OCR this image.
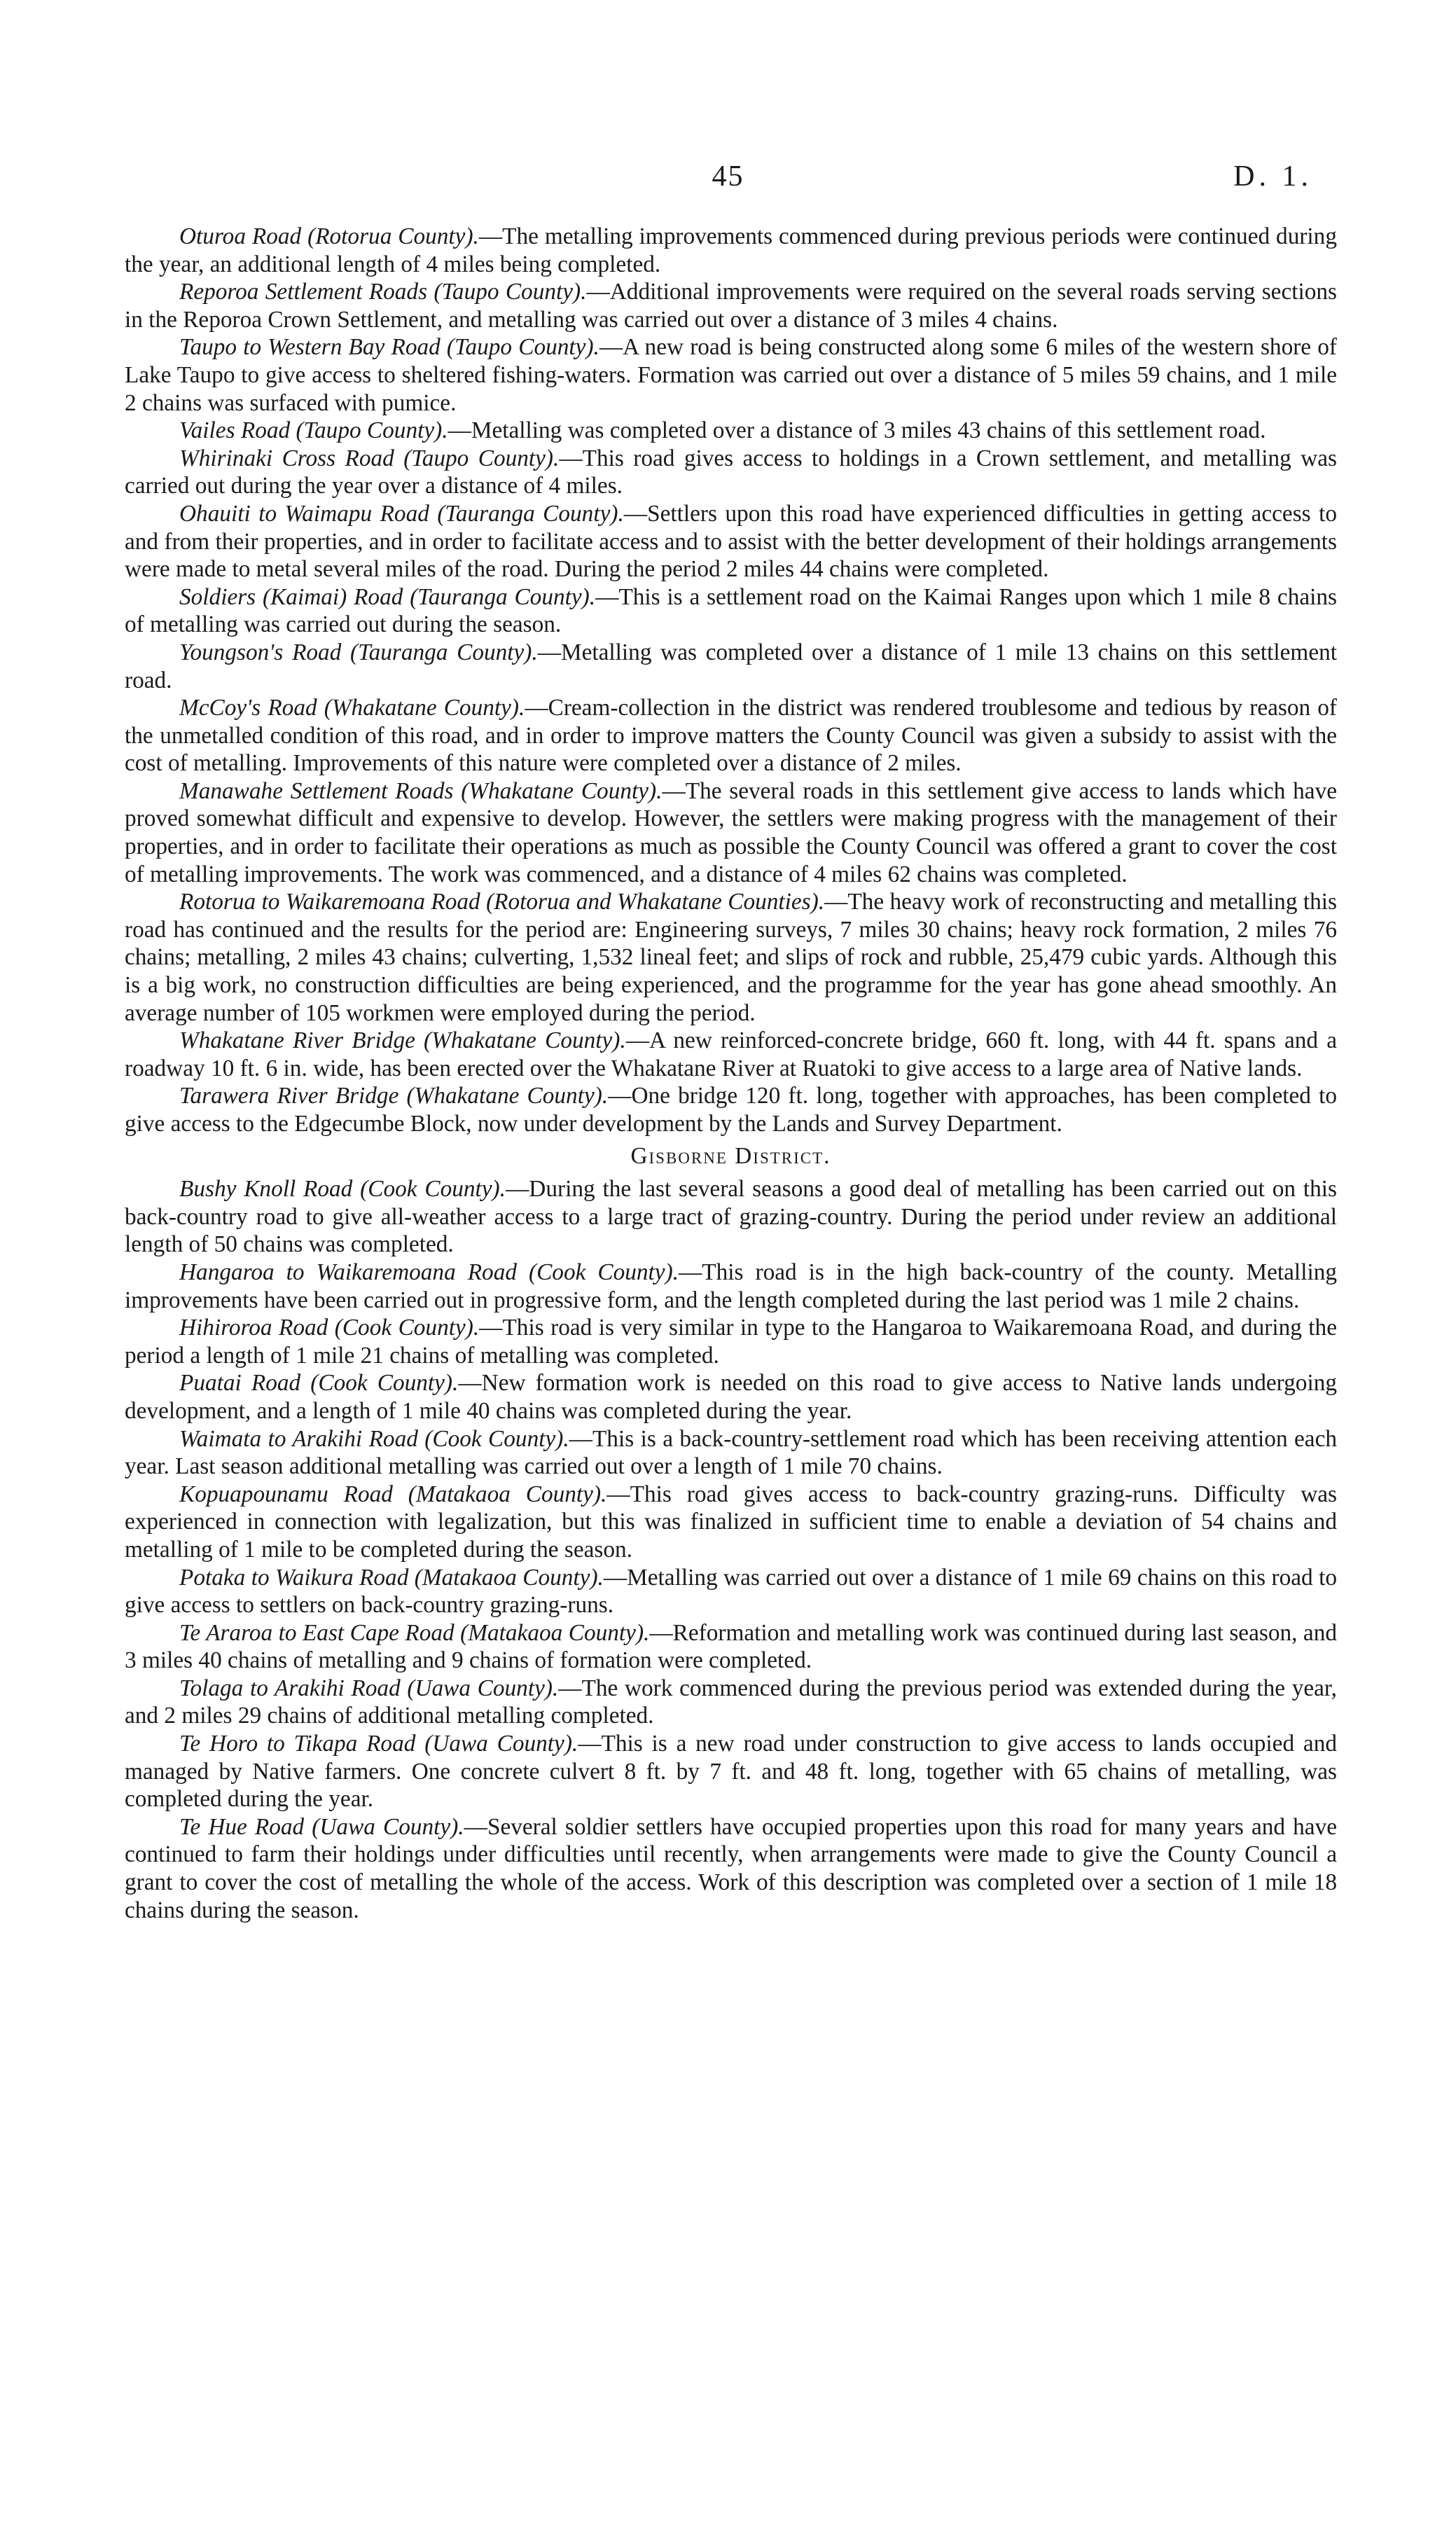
45	D. 1.

Oturoa Road (Rotorua County).—The metalling improvements commenced during previous periods were continued during the year, an additional length of 4 miles being completed.

Reporoa Settlement Roads (Taupo County).—Additional improvements were required on the several roads serving sections in the Reporoa Crown Settlement, and metalling was carried out over a distance of 3 miles 4 chains.

Taupo to Western Bay Road (Taupo County).—A new road is being constructed along some 6 miles of the western shore of Lake Taupo to give access to sheltered fishing-waters. Formation was carried out over a distance of 5 miles 59 chains, and 1 mile 2 chains was surfaced with pumice.

Vailes Road (Taupo County).—Metalling was completed over a distance of 3 miles 43 chains of this settlement road.

Whirinaki Cross Road (Taupo County).—This road gives access to holdings in a Crown settlement, and metalling was carried out during the year over a distance of 4 miles.

Ohauiti to Waimapu Road (Tauranga County).—Settlers upon this road have experienced difficulties in getting access to and from their properties, and in order to facilitate access and to assist with the better development of their holdings arrangements were made to metal several miles of the road. During the period 2 miles 44 chains were completed.

Soldiers (Kaimai) Road (Tauranga County).—This is a settlement road on the Kaimai Ranges upon which 1 mile 8 chains of metalling was carried out during the season.

Youngson's Road (Tauranga County).—Metalling was completed over a distance of 1 mile 13 chains on this settlement road.

McCoy's Road (Whakatane County).—Cream-collection in the district was rendered troublesome and tedious by reason of the unmetalled condition of this road, and in order to improve matters the County Council was given a subsidy to assist with the cost of metalling. Improvements of this nature were completed over a distance of 2 miles.

Manawahe Settlement Roads (Whakatane County).—The several roads in this settlement give access to lands which have proved somewhat difficult and expensive to develop. However, the settlers were making progress with the management of their properties, and in order to facilitate their operations as much as possible the County Council was offered a grant to cover the cost of metalling improvements. The work was commenced, and a distance of 4 miles 62 chains was completed.

Rotorua to Waikaremoana Road (Rotorua and Whakatane Counties).—The heavy work of reconstructing and metalling this road has continued and the results for the period are: Engineering surveys, 7 miles 30 chains; heavy rock formation, 2 miles 76 chains; metalling, 2 miles 43 chains; culverting, 1,532 lineal feet; and slips of rock and rubble, 25,479 cubic yards. Although this is a big work, no construction difficulties are being experienced, and the programme for the year has gone ahead smoothly. An average number of 105 workmen were employed during the period.

Whakatane River Bridge (Whakatane County).—A new reinforced-concrete bridge, 660 ft. long, with 44 ft. spans and a roadway 10 ft. 6 in. wide, has been erected over the Whakatane River at Ruatoki to give access to a large area of Native lands.

Tarawera River Bridge (Whakatane County).—One bridge 120 ft. long, together with approaches, has been completed to give access to the Edgecumbe Block, now under development by the Lands and Survey Department.

Gisborne District.

Bushy Knoll Road (Cook County).—During the last several seasons a good deal of metalling has been carried out on this back-country road to give all-weather access to a large tract of grazing-country. During the period under review an additional length of 50 chains was completed.

Hangaroa to Waikaremoana Road (Cook County).—This road is in the high back-country of the county. Metalling improvements have been carried out in progressive form, and the length completed during the last period was 1 mile 2 chains.

Hihiroroa Road (Cook County).—This road is very similar in type to the Hangaroa to Waikaremoana Road, and during the period a length of 1 mile 21 chains of metalling was completed.

Puatai Road (Cook County).—New formation work is needed on this road to give access to Native lands undergoing development, and a length of 1 mile 40 chains was completed during the year.

Waimata to Arakihi Road (Cook County).—This is a back-country-settlement road which has been receiving attention each year. Last season additional metalling was carried out over a length of 1 mile 70 chains.

Kopuapounamu Road (Matakaoa County).—This road gives access to back-country grazing-runs. Difficulty was experienced in connection with legalization, but this was finalized in sufficient time to enable a deviation of 54 chains and metalling of 1 mile to be completed during the season.

Potaka to Waikura Road (Matakaoa County).—Metalling was carried out over a distance of 1 mile 69 chains on this road to give access to settlers on back-country grazing-runs.

Te Araroa to East Cape Road (Matakaoa County).—Reformation and metalling work was continued during last season, and 3 miles 40 chains of metalling and 9 chains of formation were completed.

Tolaga to Arakihi Road (Uawa County).—The work commenced during the previous period was extended during the year, and 2 miles 29 chains of additional metalling completed.

Te Horo to Tikapa Road (Uawa County).—This is a new road under construction to give access to lands occupied and managed by Native farmers. One concrete culvert 8 ft. by 7 ft. and 48 ft. long, together with 65 chains of metalling, was completed during the year.

Te Hue Road (Uawa County).—Several soldier settlers have occupied properties upon this road for many years and have continued to farm their holdings under difficulties until recently, when arrangements were made to give the County Council a grant to cover the cost of metalling the whole of the access. Work of this description was completed over a section of 1 mile 18 chains during the season.
